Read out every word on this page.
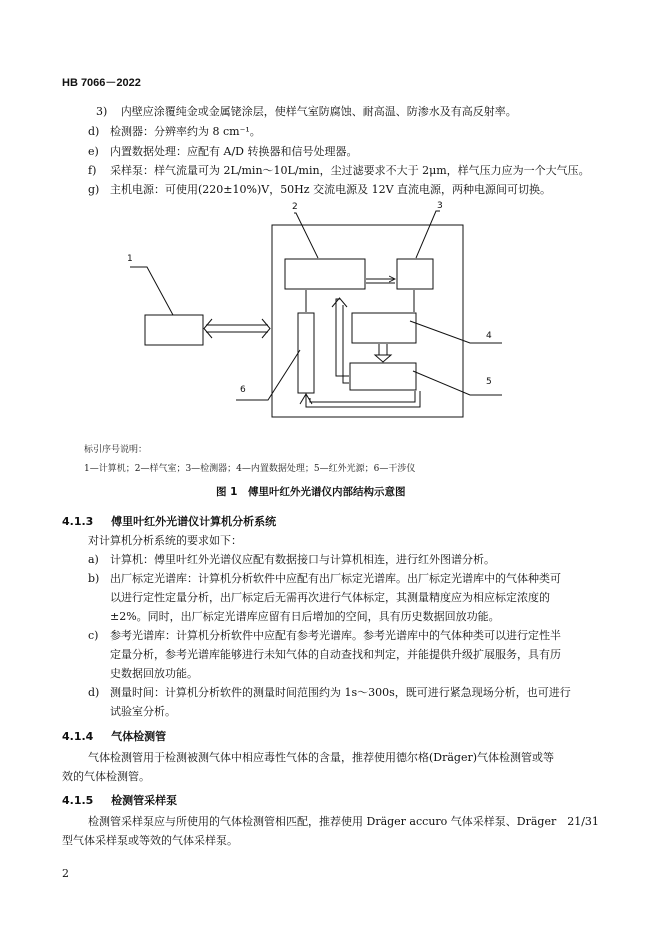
HB 7066－2022
3) 内壁应涂覆纯金或金属铑涂层，使样气室防腐蚀、耐高温、防渗水及有高反射率。
d) 检测器：分辨率约为 8 cm⁻¹。
e) 内置数据处理：应配有 A/D 转换器和信号处理器。
f) 采样泵：样气流量可为 2L/min～10L/min，尘过滤要求不大于 2μm，样气压力应为一个大气压。
g) 主机电源：可使用(220±10%)V，50Hz 交流电源及 12V 直流电源，两种电源间可切换。
1
2	3
4
5
6
标引序号说明：
1—计算机；2—样气室；3—检测器；4—内置数据处理；5—红外光源；6—干涉仪
图 1　傅里叶红外光谱仪内部结构示意图
4.1.3 傅里叶红外光谱仪计算机分析系统
对计算机分析系统的要求如下：
a) 计算机：傅里叶红外光谱仪应配有数据接口与计算机相连，进行红外图谱分析。
b) 出厂标定光谱库：计算机分析软件中应配有出厂标定光谱库。出厂标定光谱库中的气体种类可
以进行定性定量分析，出厂标定后无需再次进行气体标定，其测量精度应为相应标定浓度的
±2%。同时，出厂标定光谱库应留有日后增加的空间，具有历史数据回放功能。
c) 参考光谱库：计算机分析软件中应配有参考光谱库。参考光谱库中的气体种类可以进行定性半
定量分析，参考光谱库能够进行未知气体的自动查找和判定，并能提供升级扩展服务，具有历
史数据回放功能。
d) 测量时间：计算机分析软件的测量时间范围约为 1s～300s，既可进行紧急现场分析，也可进行
试验室分析。
4.1.4 气体检测管
气体检测管用于检测被测气体中相应毒性气体的含量，推荐使用德尔格(Dräger)气体检测管或等
效的气体检测管。
4.1.5 检测管采样泵
检测管采样泵应与所使用的气体检测管相匹配，推荐使用 Dräger accuro 气体采样泵、Dräger　21/31
型气体采样泵或等效的气体采样泵。
2
